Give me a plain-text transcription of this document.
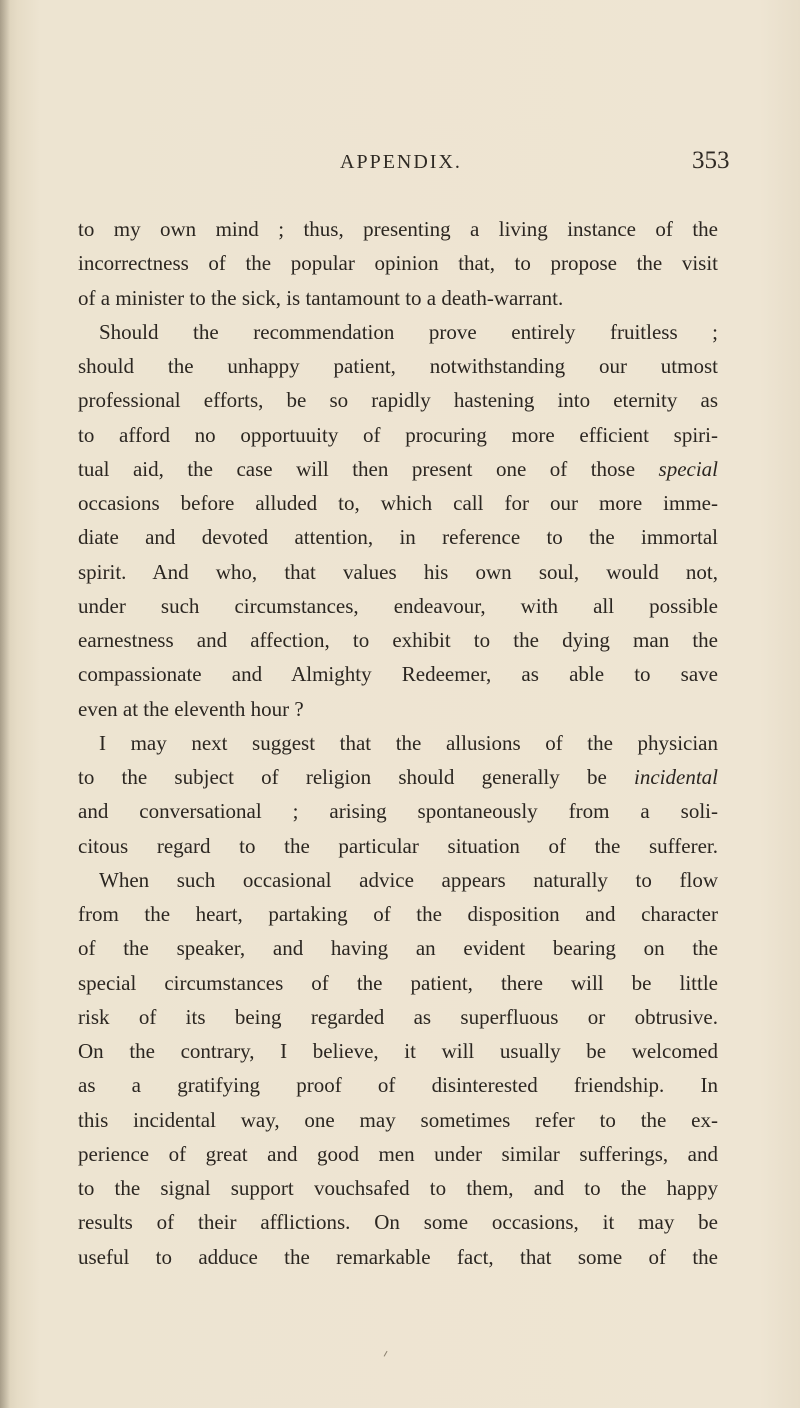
APPENDIX.	353
to my own mind ; thus, presenting a living instance of the
incorrectness of the popular opinion that, to propose the visit
of a minister to the sick, is tantamount to a death-warrant.
Should the recommendation prove entirely fruitless ;
should the unhappy patient, notwithstanding our utmost
professional efforts, be so rapidly hastening into eternity as
to afford no opportuuity of procuring more efficient spiri-
tual aid, the case will then present one of those special
occasions before alluded to, which call for our more imme-
diate and devoted attention, in reference to the immortal
spirit. And who, that values his own soul, would not,
under such circumstances, endeavour, with all possible
earnestness and affection, to exhibit to the dying man the
compassionate and Almighty Redeemer, as able to save
even at the eleventh hour ?
I may next suggest that the allusions of the physician
to the subject of religion should generally be incidental
and conversational ; arising spontaneously from a soli-
citous regard to the particular situation of the sufferer.
When such occasional advice appears naturally to flow
from the heart, partaking of the disposition and character
of the speaker, and having an evident bearing on the
special circumstances of the patient, there will be little
risk of its being regarded as superfluous or obtrusive.
On the contrary, I believe, it will usually be welcomed
as a gratifying proof of disinterested friendship. In
this incidental way, one may sometimes refer to the ex-
perience of great and good men under similar sufferings, and
to the signal support vouchsafed to them, and to the happy
results of their afflictions. On some occasions, it may be
useful to adduce the remarkable fact, that some of the
